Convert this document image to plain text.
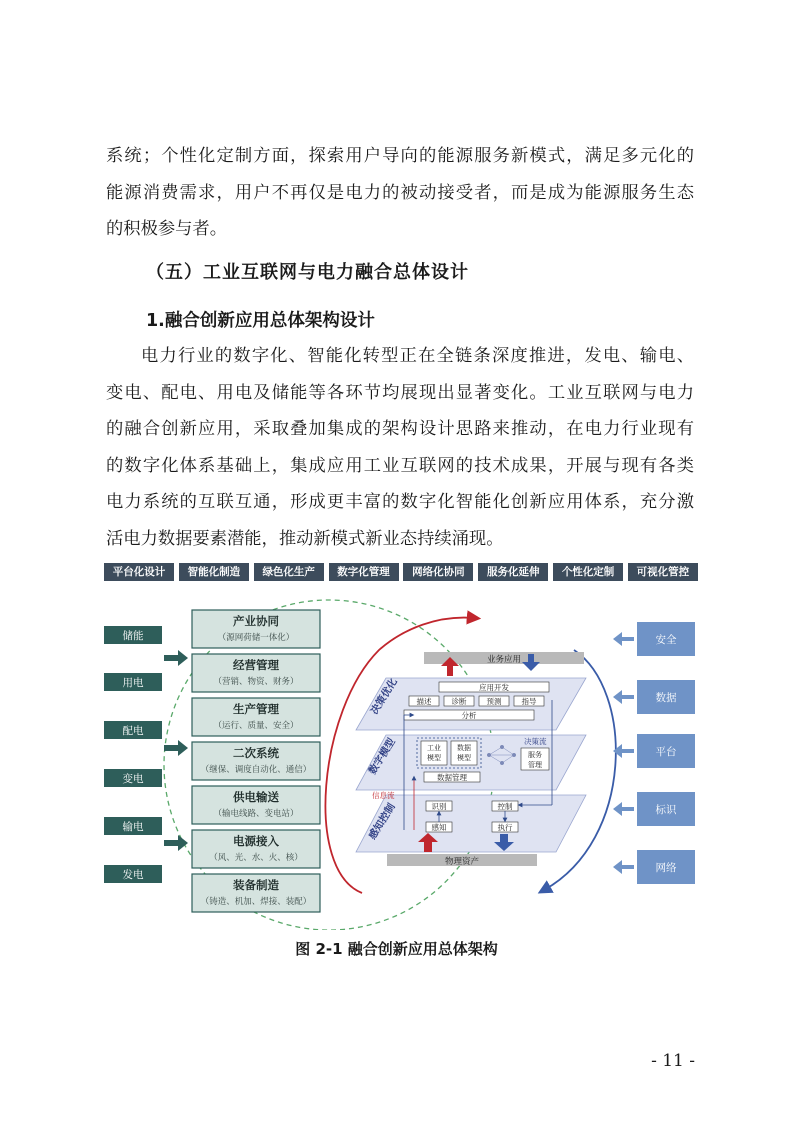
系统；个性化定制方面，探索用户导向的能源服务新模式，满足多元化的
能源消费需求，用户不再仅是电力的被动接受者，而是成为能源服务生态
的积极参与者。
（五）工业互联网与电力融合总体设计
1.融合创新应用总体架构设计
电力行业的数字化、智能化转型正在全链条深度推进，发电、输电、
变电、配电、用电及储能等各环节均展现出显著变化。工业互联网与电力
的融合创新应用，采取叠加集成的架构设计思路来推动，在电力行业现有
的数字化体系基础上，集成应用工业互联网的技术成果，开展与现有各类
电力系统的互联互通，形成更丰富的数字化智能化创新应用体系，充分激
活电力数据要素潜能，推动新模式新业态持续涌现。
平台化设计	智能化制造	绿色化生产	数字化管理	网络化协同	服务化延伸	个性化定制	可视化管控
储能
用电
配电
变电
输电
发电
产业协同
（源网荷储一体化）
经营管理
（营销、物资、财务）
生产管理
（运行、质量、安全）
二次系统
（继保、调度自动化、通信）
供电输送
（输电线路、变电站）
电源接入
（风、光、水、火、核）
装备制造
（铸造、机加、焊接、装配）
业务应用
决策优化	应用开发
描述	诊断	预测	指导
分析
数字模型	工业
模型
数据
模型
决策流
服务
管理
数据管理
感知控制
信息流
识别	控制
感知	执行
物理资产
安全
数据
平台
标识
网络
图 2-1 融合创新应用总体架构
- 11 -
